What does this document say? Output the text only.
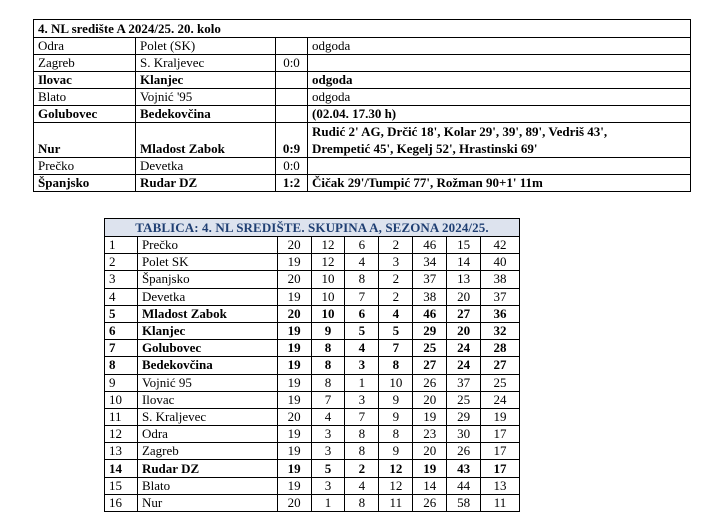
4. NL središte A 2024/25. 20. kolo			
Odra	Polet (SK)		odgoda
Zagreb	S. Kraljevec	0:0	
Ilovac	Klanjec		odgoda
Blato	Vojnić '95		odgoda
Golubovec	Bedekovčina		(02.04. 17.30 h)
Nur	Mladost Zabok	0:9	Rudić 2' AG, Drčić 18', Kolar 29', 39', 89', Vedriš 43',
Drempetić 45', Kegelj 52', Hrastinski 69'

Prečko	Devetka	0:0	
Španjsko	Rudar DZ	1:2	Čičak 29'/Tumpić 77', Rožman 90+1' 11m
TABLICA: 4. NL SREDIŠTE. SKUPINA A, SEZONA 2024/25.								
1	Prečko	20	12	6	2	46	15	42
2	Polet SK	19	12	4	3	34	14	40
3	Španjsko	20	10	8	2	37	13	38
4	Devetka	19	10	7	2	38	20	37
5	Mladost Zabok	20	10	6	4	46	27	36
6	Klanjec	19	9	5	5	29	20	32
7	Golubovec	19	8	4	7	25	24	28
8	Bedekovčina	19	8	3	8	27	24	27
9	Vojnić 95	19	8	1	10	26	37	25
10	Ilovac	19	7	3	9	20	25	24
11	S. Kraljevec	20	4	7	9	19	29	19
12	Odra	19	3	8	8	23	30	17
13	Zagreb	19	3	8	9	20	26	17
14	Rudar DZ	19	5	2	12	19	43	17
15	Blato	19	3	4	12	14	44	13
16	Nur	20	1	8	11	26	58	11
